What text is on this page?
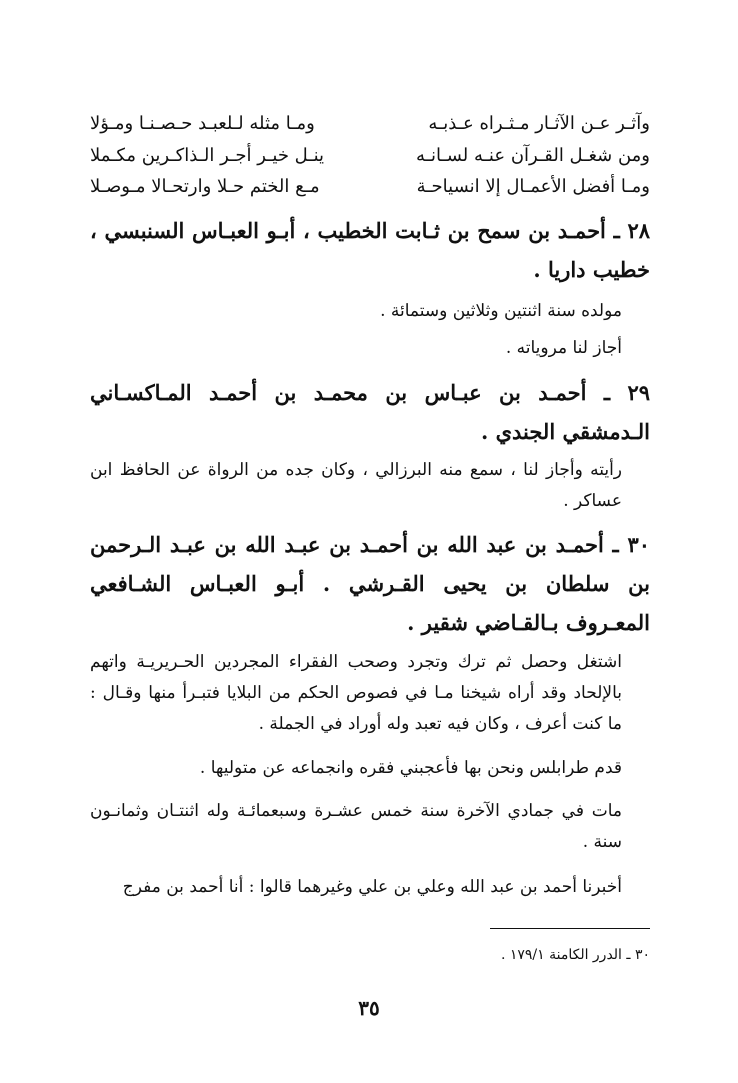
وآثـر عـن الآثـار مـثـراه عـذبـه
ومـا مثله لـلعبـد حـصـنـا ومـؤلا
ومن شغـل القـرآن عنـه لسـانـه
ينـل خيـر أجـر الـذاكـرين مكـملا
ومـا أفضل الأعمـال إلا انسياحـة
مـع الختم حـلا وارتحـالا مـوصـلا
٢٨ ـ أحمـد بن سمح بن ثـابت الخطيب ، أبـو العبـاس السنبسي ، خطيب داريا .
مولده سنة اثنتين وثلاثين وستمائة .
أجاز لنا مروياته .
٢٩ ـ أحمـد بن عبـاس بن محمـد بن أحمـد المـاكسـاني الـدمشقي الجندي .
رأيته وأجاز لنا ، سمع منه البرزالي ، وكان جده من الرواة عن الحافظ ابن عساكر .
٣٠ ـ أحمـد بن عبد الله بن أحمـد بن عبـد الله بن عبـد الـرحمن بن سلطان بن يحيى القـرشي . أبـو العبـاس الشـافعي المعـروف بـالقـاضي شقير .
اشتغل وحصل ثم ترك وتجرد وصحب الفقراء المجردين الحـريريـة واتهم بالإلحاد وقد أراه شيخنا مـا في فصوص الحكم من البلايا فتبـرأ منها وقـال : ما كنت أعرف ، وكان فيه تعبد وله أوراد في الجملة .
قدم طرابلس ونحن بها فأعجبني فقره وانجماعه عن متوليها .
مات في جمادي الآخرة سنة خمس عشـرة وسبعمائـة وله اثنتـان وثمانـون سنة .
أخبرنا أحمد بن عبد الله وعلي بن علي وغيرهما قالوا : أنا أحمد بن مفرج
٣٠ ـ الدرر الكامنة ١٧٩/١ .
٣٥
